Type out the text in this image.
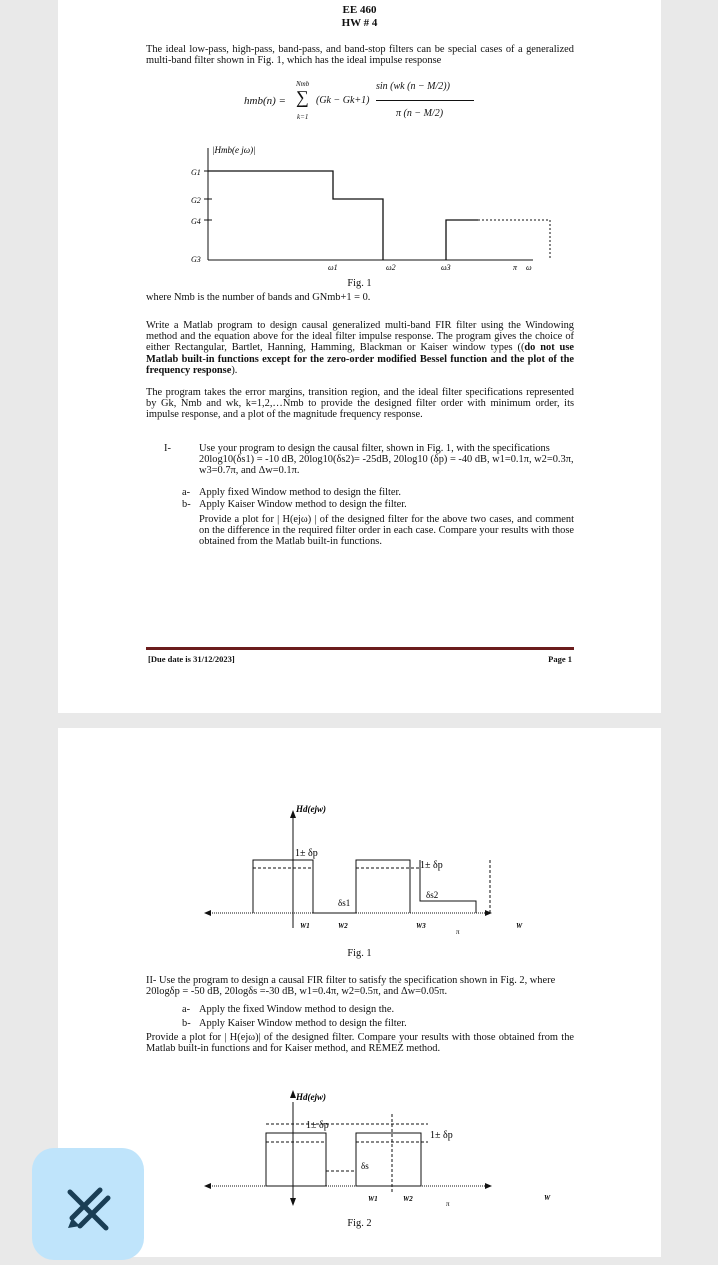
EE 460
HW # 4
The ideal low-pass, high-pass, band-pass, and band-stop filters can be special cases of a generalized multi-band filter shown in Fig. 1, which has the ideal impulse response
hmb(n) =
Nmb
∑
k=1
(Gk − Gk+1)
sin (wk (n − M/2))
π (n − M/2)
|Hmb(e jω)|
G1
G2
G4
G3
ω1	ω2	ω3	π ω
Fig. 1
where Nmb is the number of bands and GNmb+1 = 0.
Write a Matlab program to design causal generalized multi-band FIR filter using the Windowing method and the equation above for the ideal filter impulse response. The program gives the choice of either Rectangular, Bartlet, Hanning, Hamming, Blackman or Kaiser window types ((do not use Matlab built-in functions except for the zero-order modified Bessel function and the plot of the frequency response).
The program takes the error margins, transition region, and the ideal filter specifications represented by Gk, Nmb and wk, k=1,2,…Nmb to provide the designed filter order with minimum order, its impulse response, and a plot of the magnitude frequency response.
I-	Use your program to design the causal filter, shown in Fig. 1, with the specifications 20log10(δs1) = -10 dB, 20log10(δs2)= -25dB, 20log10 (δp) = -40 dB, w1=0.1π, w2=0.3π, w3=0.7π, and Δw=0.1π.
a- Apply fixed Window method to design the filter.
b- Apply Kaiser Window method to design the filter.
Provide a plot for | H(ejω) | of the designed filter for the above two cases, and comment on the difference in the required filter order in each case. Compare your results with those obtained from the Matlab built-in functions.
[Due date is 31/12/2023]	Page 1
Hd(ejw)
1± δp
1± δp
δs1
δs2
W1	W2	W3
π
W
Fig. 1
II- Use the program to design a causal FIR filter to satisfy the specification shown in Fig. 2, where 20logδp = -50 dB, 20logδs =-30 dB, w1=0.4π, w2=0.5π, and Δw=0.05π.
a- Apply the fixed Window method to design the.
b- Apply Kaiser Window method to design the filter.
Provide a plot for | H(ejω)| of the designed filter. Compare your results with those obtained from the Matlab built-in functions and for Kaiser method, and REMEZ method.
Hd(ejw)
1± δp
1± δp
δs
W1	W2
π
W
Fig. 2
